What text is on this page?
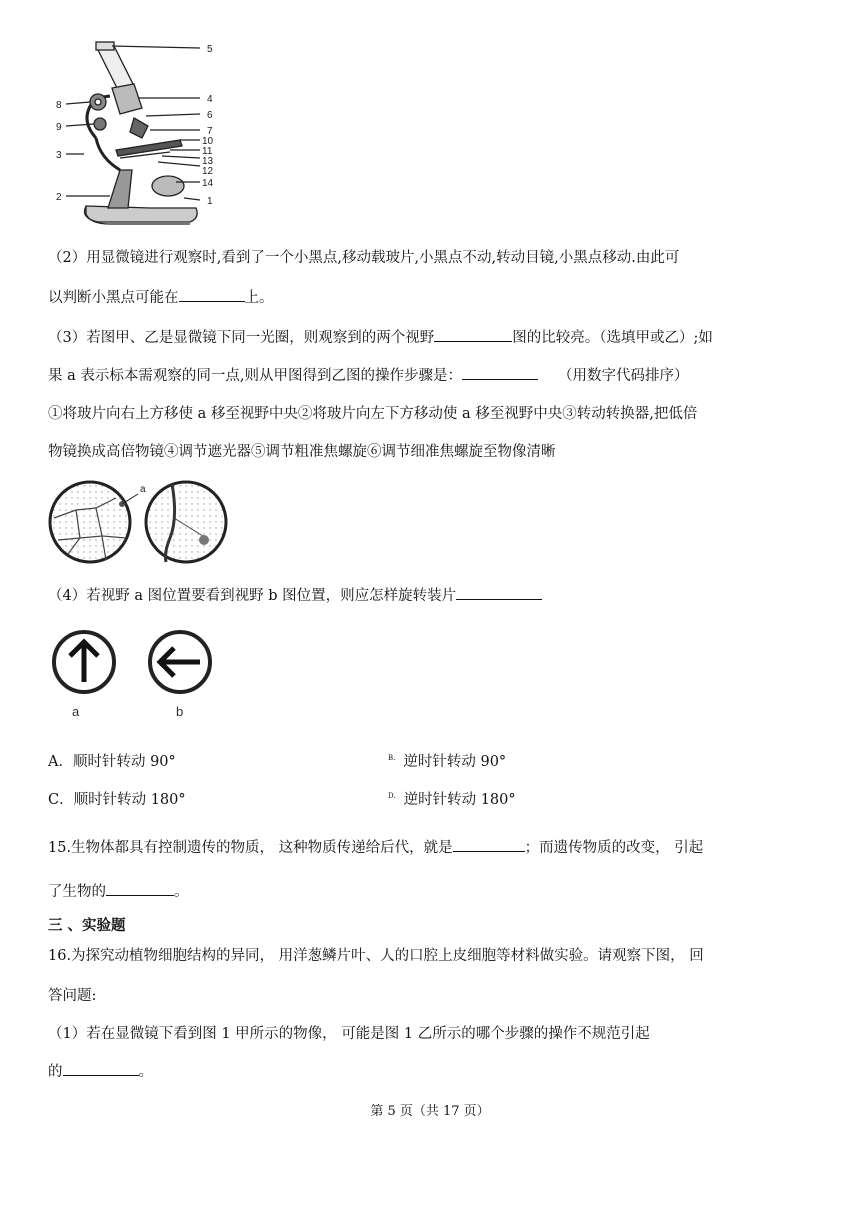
5
4
6
7
10
11
13
12
14
1
8
9
3
2
（2）用显微镜进行观察时,看到了一个小黑点,移动载玻片,小黑点不动,转动目镜,小黑点移动.由此可
以判断小黑点可能在	上。
（3）若图甲、乙是显微镜下同一光圈，则观察到的两个视野	图的比较亮。（选填甲或乙）;如
果 a 表示标本需观察的同一点,则从甲图得到乙图的操作步骤是：	（用数字代码排序）
①将玻片向右上方移使 a 移至视野中央②将玻片向左下方移动使 a 移至视野中央③转动转换器,把低倍
物镜换成高倍物镜④调节遮光器⑤调节粗准焦螺旋⑥调节细准焦螺旋至物像清晰
a
（4）若视野 a 图位置要看到视野 b 图位置，则应怎样旋转装片
a	b
A．顺时针转动 90°	$^{B.}$ 逆时针转动 90°
C．顺时针转动 180°	$^{D.}$ 逆时针转动 180°
15.生物体都具有控制遗传的物质， 这种物质传递给后代，就是	；而遗传物质的改变， 引起
了生物的	。
三 、实验题
16.为探究动植物细胞结构的异同， 用洋葱鳞片叶、人的口腔上皮细胞等材料做实验。请观察下图， 回
答问题:
（1）若在显微镜下看到图 1 甲所示的物像， 可能是图 1 乙所示的哪个步骤的操作不规范引起
的	。
第 5 页（共 17 页）
